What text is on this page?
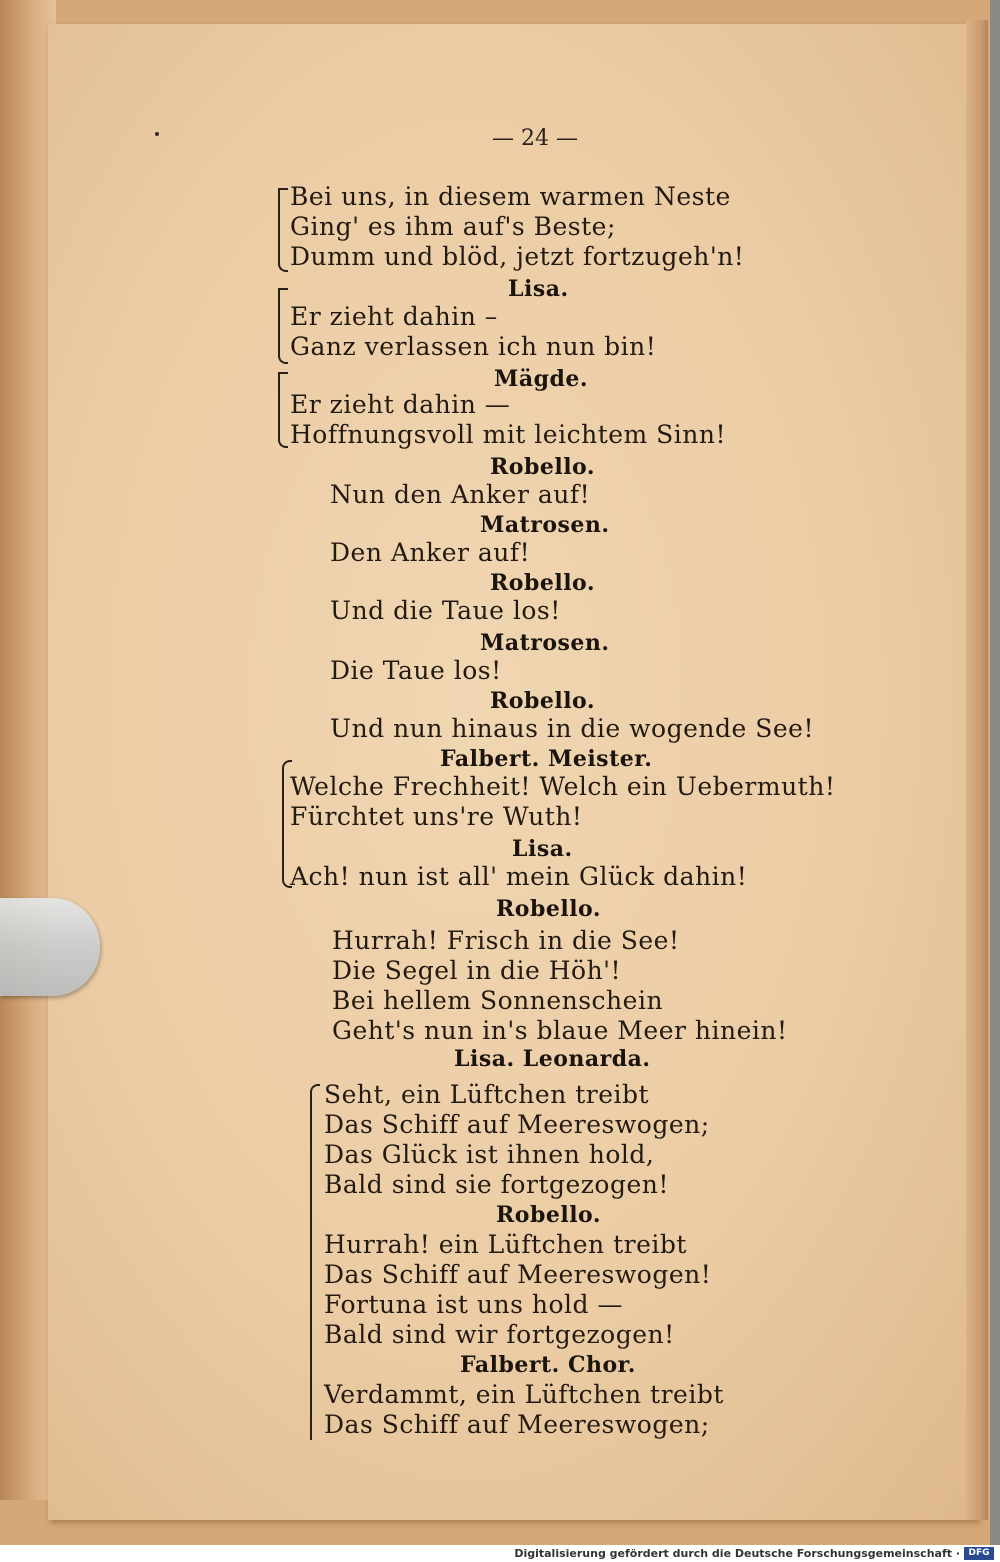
— 24 —
Bei uns, in diesem warmen Neste
Ging' es ihm auf's Beste;
Dumm und blöd, jetzt fortzugeh'n!
Lisa.
Er zieht dahin –
Ganz verlassen ich nun bin!
Mägde.
Er zieht dahin —
Hoffnungsvoll mit leichtem Sinn!
Robello.
Nun den Anker auf!
Matrosen.
Den Anker auf!
Robello.
Und die Taue los!
Matrosen.
Die Taue los!
Robello.
Und nun hinaus in die wogende See!
Falbert. Meister.
Welche Frechheit! Welch ein Uebermuth!
Fürchtet uns're Wuth!
Lisa.
Ach! nun ist all' mein Glück dahin!
Robello.
Hurrah! Frisch in die See!
Die Segel in die Höh'!
Bei hellem Sonnenschein
Geht's nun in's blaue Meer hinein!
Lisa. Leonarda.
Seht, ein Lüftchen treibt
Das Schiff auf Meereswogen;
Das Glück ist ihnen hold,
Bald sind sie fortgezogen!
Robello.
Hurrah! ein Lüftchen treibt
Das Schiff auf Meereswogen!
Fortuna ist uns hold —
Bald sind wir fortgezogen!
Falbert. Chor.
Verdammt, ein Lüftchen treibt
Das Schiff auf Meereswogen;
Digitalisierung gefördert durch die Deutsche Forschungsgemeinschaft · DFG
